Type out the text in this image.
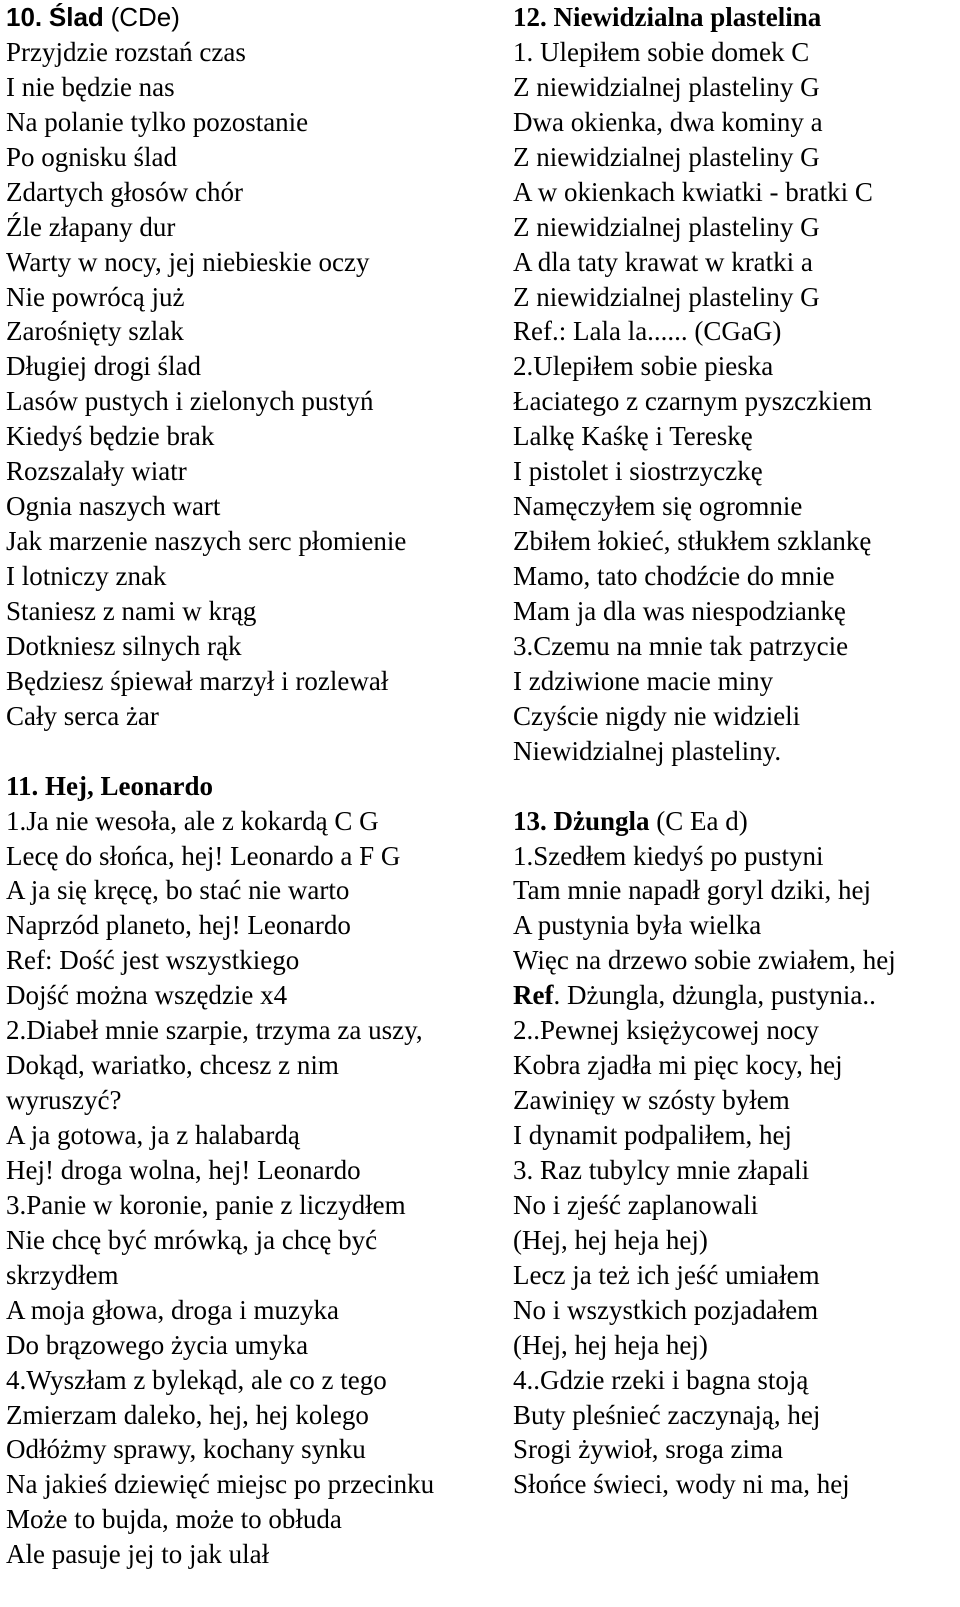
10. Ślad (CDe)
Przyjdzie rozstań czas
I nie będzie nas
Na polanie tylko pozostanie
Po ognisku ślad
Zdartych głosów chór
Źle złapany dur
Warty w nocy, jej niebieskie oczy
Nie powrócą już
Zarośnięty szlak
Długiej drogi ślad
Lasów pustych i zielonych pustyń
Kiedyś będzie brak
Rozszalały wiatr
Ognia naszych wart
Jak marzenie naszych serc płomienie
I lotniczy znak
Staniesz z nami w krąg
Dotkniesz silnych rąk
Będziesz śpiewał marzył i rozlewał
Cały serca żar
11. Hej, Leonardo
1.Ja nie wesoła, ale z kokardą C G
Lecę do słońca, hej! Leonardo a F G
A ja się kręcę, bo stać nie warto
Naprzód planeto, hej! Leonardo
Ref: Dość jest wszystkiego
Dojść można wszędzie x4
2.Diabeł mnie szarpie, trzyma za uszy,
Dokąd, wariatko, chcesz z nim
wyruszyć?
A ja gotowa, ja z halabardą
Hej! droga wolna, hej! Leonardo
3.Panie w koronie, panie z liczydłem
Nie chcę być mrówką, ja chcę być
skrzydłem
A moja głowa, droga i muzyka
Do brązowego życia umyka
4.Wyszłam z bylekąd, ale co z tego
Zmierzam daleko, hej, hej kolego
Odłóżmy sprawy, kochany synku
Na jakieś dziewięć miejsc po przecinku
Może to bujda, może to obłuda
Ale pasuje jej to jak ulał
12. Niewidzialna plastelina
1. Ulepiłem sobie domek C
Z niewidzialnej plasteliny G
Dwa okienka, dwa kominy a
Z niewidzialnej plasteliny G
A w okienkach kwiatki - bratki C
Z niewidzialnej plasteliny G
A dla taty krawat w kratki a
Z niewidzialnej plasteliny G
Ref.: Lala la...... (CGaG)
2.Ulepiłem sobie pieska
Łaciatego z czarnym pyszczkiem
Lalkę Kaśkę i Tereskę
I pistolet i siostrzyczkę
Namęczyłem się ogromnie
Zbiłem łokieć, stłukłem szklankę
Mamo, tato chodźcie do mnie
Mam ja dla was niespodziankę
3.Czemu na mnie tak patrzycie
I zdziwione macie miny
Czyście nigdy nie widzieli
Niewidzialnej plasteliny.
13. Dżungla (C Ea d)
1.Szedłem kiedyś po pustyni
Tam mnie napadł goryl dziki, hej
A pustynia była wielka
Więc na drzewo sobie zwiałem, hej
Ref. Dżungla, dżungla, pustynia..
2..Pewnej księżycowej nocy
Kobra zjadła mi pięc kocy, hej
Zawinięy w szósty byłem
I dynamit podpaliłem, hej
3. Raz tubylcy mnie złapali
No i zjeść zaplanowali
(Hej, hej heja hej)
Lecz ja też ich jeść umiałem
No i wszystkich pozjadałem
(Hej, hej heja hej)
4..Gdzie rzeki i bagna stoją
Buty pleśnieć zaczynają, hej
Srogi żywioł, sroga zima
Słońce świeci, wody ni ma, hej
